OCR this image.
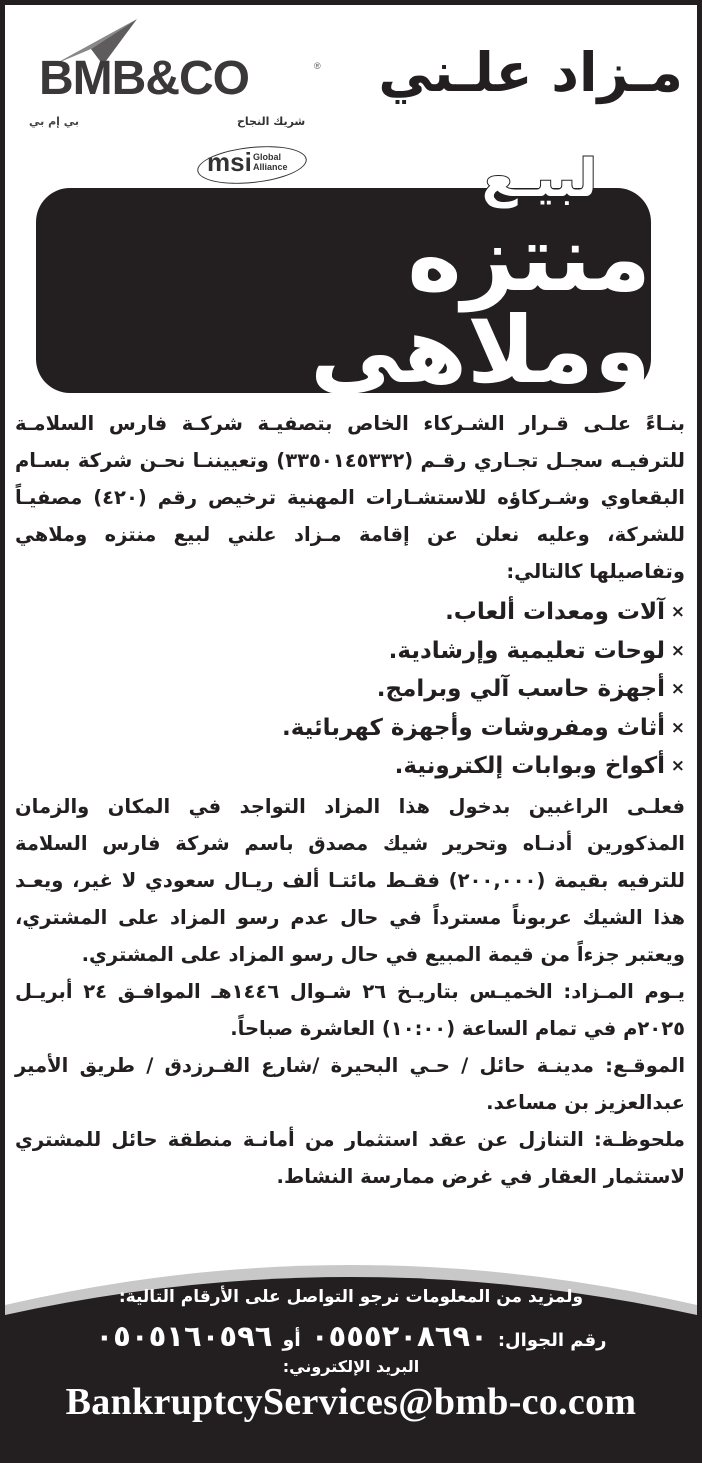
BMB&CO	®
بي إم بي	شريك النجاح
msi Global
Alliance
مـزاد علـني
لبيـع
منتزه وملاهي

بنـاءً علـى قـرار الشـركاء الخاص بتصفيـة شركـة فارس السلامـة للترفيـه سجـل تجـاري رقـم (٣٣٥٠١٤٥٣٣٢) وتعييننـا نحـن شركة بسـام البقعاوي وشـركاؤه للاستشـارات المهنية ترخيص رقم (٤٢٠) مصفيـاً للشركة، وعليه نعلن عن إقامة مـزاد علني لبيع منتزه وملاهي وتفاصيلها كالتالي:

×
آلات ومعدات ألعاب.
×
لوحات تعليمية وإرشادية.
×
أجهزة حاسب آلي وبرامج.
×
أثاث ومفروشات وأجهزة كهربائية.
×
أكواخ وبوابات إلكترونية.

فعلـى الراغبين بدخول هذا المزاد التواجد في المكان والزمان المذكورين أدنـاه وتحرير شيك مصدق باسم شركة فارس السلامة للترفيه بقيمة (٢٠٠,٠٠٠) فقـط مائتـا ألف ريـال سعودي لا غير، ويعـد هذا الشيك عربوناً مسترداً في حال عدم رسو المزاد على المشتري، ويعتبر جزءاً من قيمة المبيع في حال رسو المزاد على المشتري.

يـوم المـزاد: الخميـس بتاريـخ ٢٦ شـوال ١٤٤٦هـ الموافـق ٢٤ أبريـل ٢٠٢٥م في تمام الساعة (١٠:٠٠) العاشرة صباحاً.

الموقـع: مدينـة حائل / حـي البحيرة /شارع الفـرزدق / طريق الأمير عبدالعزيز بن مساعد.

ملحوظـة: التنازل عن عقد استثمار من أمانـة منطقة حائل للمشتري لاستثمار العقار في غرض ممارسة النشاط.

ولمزيد من المعلومات نرجو التواصل على الأرقام التالية:
رقم الجوال:
٠٥٥٥٢٠٨٦٩٠
أو
٠٥٠٥١٦٠٥٩٦
البريد الإلكتروني:
BankruptcyServices@bmb-co.com
